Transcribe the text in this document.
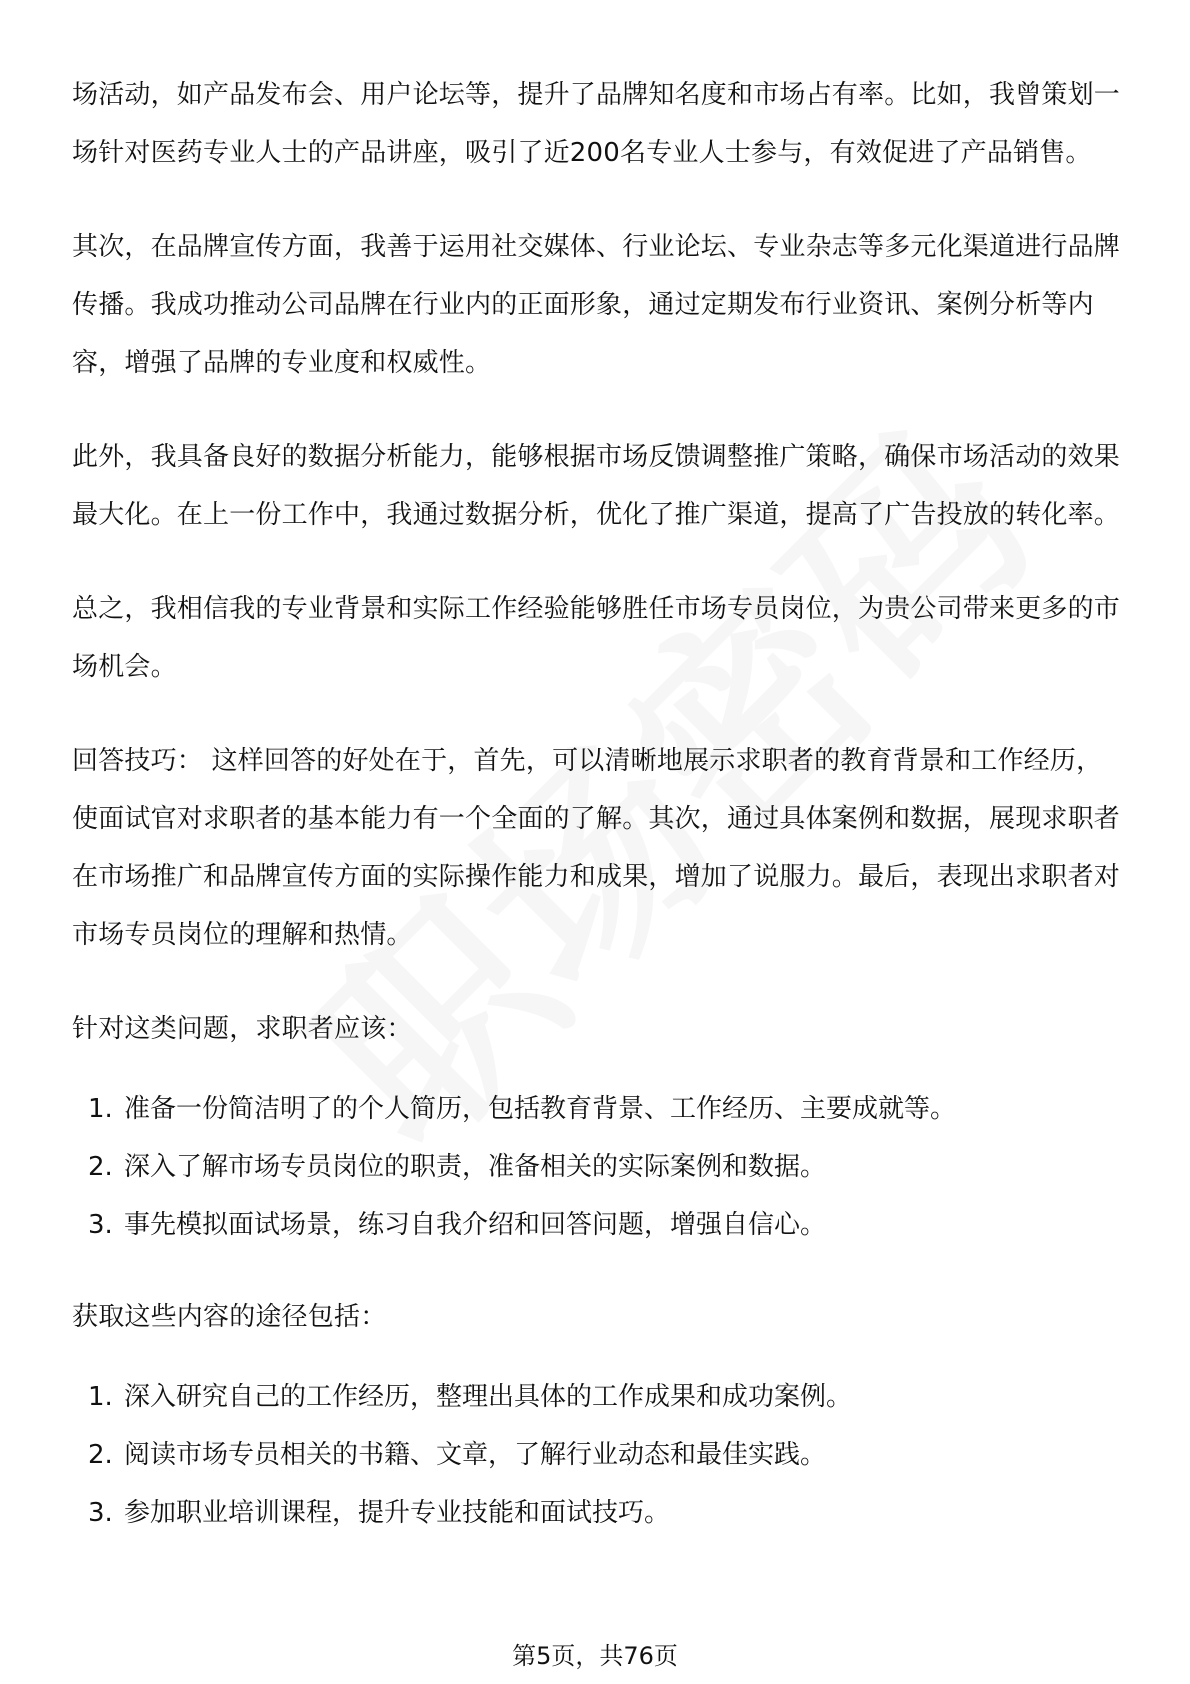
场活动，如产品发布会、用户论坛等，提升了品牌知名度和市场占有率。比如，我曾策划一场针对医药专业人士的产品讲座，吸引了近200名专业人士参与，有效促进了产品销售。

其次，在品牌宣传方面，我善于运用社交媒体、行业论坛、专业杂志等多元化渠道进行品牌传播。我成功推动公司品牌在行业内的正面形象，通过定期发布行业资讯、案例分析等内容，增强了品牌的专业度和权威性。

此外，我具备良好的数据分析能力，能够根据市场反馈调整推广策略，确保市场活动的效果最大化。在上一份工作中，我通过数据分析，优化了推广渠道，提高了广告投放的转化率。

总之，我相信我的专业背景和实际工作经验能够胜任市场专员岗位，为贵公司带来更多的市场机会。

回答技巧： 这样回答的好处在于，首先，可以清晰地展示求职者的教育背景和工作经历，使面试官对求职者的基本能力有一个全面的了解。其次，通过具体案例和数据，展现求职者在市场推广和品牌宣传方面的实际操作能力和成果，增加了说服力。最后，表现出求职者对市场专员岗位的理解和热情。

针对这类问题，求职者应该：

1. 准备一份简洁明了的个人简历，包括教育背景、工作经历、主要成就等。
2. 深入了解市场专员岗位的职责，准备相关的实际案例和数据。
3. 事先模拟面试场景，练习自我介绍和回答问题，增强自信心。

获取这些内容的途径包括：

1. 深入研究自己的工作经历，整理出具体的工作成果和成功案例。
2. 阅读市场专员相关的书籍、文章，了解行业动态和最佳实践。
3. 参加职业培训课程，提升专业技能和面试技巧。
第5页，共76页
